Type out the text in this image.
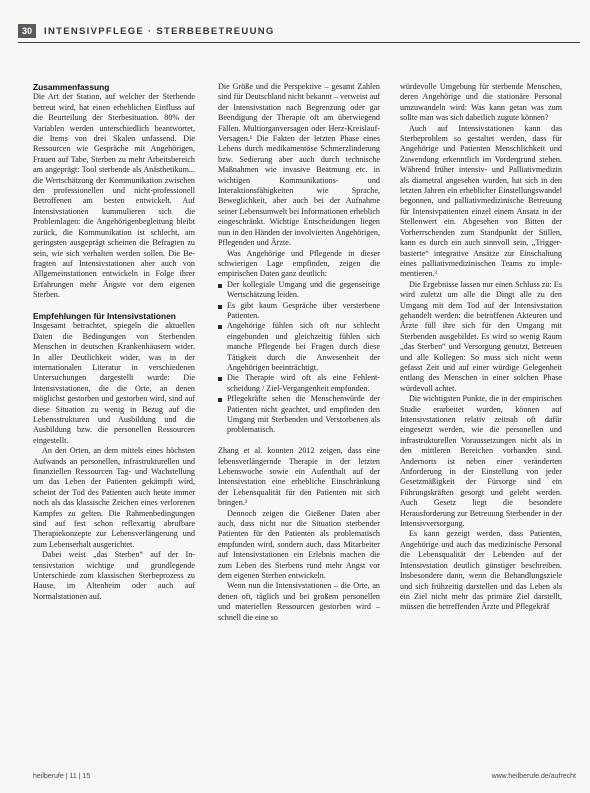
30	INTENSIVPFLEGE · STERBEBETREUUNG
Zusammenfassung

Die Art der Station, auf welcher der Sterbende betreut wird, hat einen erheblichen Einfluss auf die Beurteilung der Sterbesituation. 80% der Variablen werden unterschiedlich beantwortet, die Items von drei Skalen unfassend. Die Ressourcen wie Gespräche mit Angehörigen, Frauen auf Tabe, Sterben zu mehr Arbeitsbereich am angeprägt: Tool sterbende als Anästhetikum... die Wertschätzung der Kommunikation zwischen den professionellen und nicht-professionell Betroffenen am besten entwickelt. Auf Intensivstationen kummulieren sich die Problemlagen: die Angehörigenbegleitung bleibt zurück, die Kommunikation ist schlecht, am geringsten ausgeprägt scheinen die Befragten zu sein, wie sich verhalten werden sollen. Die Befragten auf Intensivstationen aber auch von Allgemeinstationen entwickeln in Folge ihrer Erfahrungen mehr Ängste vor dem eigenen Sterben.

Empfehlungen für Intensivstationen

Insgesamt betrachtet, spiegeln die aktuellen Daten die Bedingungen von Sterbenden Menschen in deutschen Krankenhäusern wider. In aller Deutlichkeit wider, was in der internationalen Literatur in verschiedenen Untersuchungen dargestellt wurde: Die Intensivstationen, die die Orte, an denen möglichst gestorben und gestorben wird, sind auf diese Situation zu wenig in Bezug auf die Lebensstrukturen und Ausbildung und die Ausbildung bzw. die personellen Ressourcen eingestellt.

An den Orten, an dem mittels eines höchsten Aufwands an personellen, infrastrukturellen und finanziellen Ressourcen Tag- und Wachstellung um das Leben der Patienten gekämpft wird, scheint der Tod des Patienten auch heute immer noch als das klassische Zeichen eines verlorenen Kampfes zu gelten. Die Rahmenbedingungen sind auf fest schon reflexartig abrufbare Therapiekonzepte zur Lebensverlängerung und zum Lebenserhalt ausgerichtet.

Dabei weist „das Sterben“ auf der Intensivstation wichtige und grundlegende Unterschiede zum klassischen Sterbeprozess zu Hause, im Altenheim oder auch auf Normalstationen auf.

Die Größe und die Perspektive – gesamt Zahlen sind für Deutschland nicht bekannt – verweist auf der Intensivstation nach Begrenzung oder gar Beendigung der Therapie oft am überwiegend Fällen. Multiorganversagen oder Herz-Kreislauf-Versagen.¹ Die Fakten der letzten Phase eines Lebens durch medikamentöse Schmerzlinderung bzw. Sedierung aber auch durch technische Maßnahmen wie invasive Beatmung etc. in wichtigen Kommunikations- und Interaktionsfähigkeiten wie Sprache, Beweglichkeit, aber auch bei der Aufnahme seiner Lebensumwelt bei Informationen erheblich eingeschränkt. Wichtige Entscheidungen liegen nun in den Händen der involvierten Angehörigen, Pflegenden und Ärzte.

Was Angehörige und Pflegende in dieser schwierigen Lage empfinden, zeigen die empirischen Daten ganz deutlich:

Der kollegiale Umgang und die gegenseitige Wertschätzung leiden.
Es gibt kaum Gespräche über versterbene Patienten.
Angehörige fühlen sich oft nur schlecht eingebunden und gleichzeitig fühlen sich manche Pflegende bei Fragen durch diese Tätigkeit durch die Anwesenheit der Angehörigen beeinträchtigt.
Die Therapie wird oft als eine Fehlentscheidung / Ziel-Vergangenheit empfunden.
Pflegekräfte sehen die Menschenwürde der Patienten nicht geachtet, und empfinden den Umgang mit Sterbenden und Verstorbenen als problematisch.

Zhang et al. konnten 2012 zeigen, dass eine lebensverlängernde Therapie in der letzten Lebenswoche sowie ein Aufenthalt auf der Intensivstation eine erhebliche Einschränkung der Lebensqualität für den Patienten mit sich bringen.²

Dennoch zeigen die Gießener Daten aber auch, dass nicht nur die Situation sterbender Patienten für den Patienten als problematisch empfunden wird, sondern auch, dass Mitarbeiter auf Intensivstationen ein Erlebnis machen die zum Leben des Sterbens rund mehr Angst vor dem eigenen Sterben entwickeln.

Wenn nun die Intensivstationen – die Orte, an denen oft, täglich und bei großem personellen und materiellen Ressourcen gestorben wird – schnell die eine so

würdevolle Umgebung für sterbende Menschen, deren Angehörige und die stationäre Personal umzuwandeln wird: Was kann getan was zum sollte man was sich dabeilich zugute können?

Auch auf Intensivstationen kann das Sterbeproblem so gestaltet werden, dass für Angehörige und Patienten Menschlichkeit und Zuwendung erkenntlich im Vordergrund stehen. Während früher intensiv- und Palliativmedizin als diametral angesehen wurden, hat sich in den letzten Jahren ein erheblicher Einstellungswandel begonnen, und palliativmedizinische Betreuung für Intensivpatienten einzel einem Ansatz in der Stellenwert ein. Abgesehen von Bitten der Vorherrschenden zum Standpunkt der Stillen, kann es durch ein auch sinnvoll sein, „Trigger-basierte“ integrative Ansätze zur Einschaltung eines palliativmedizinischen Teams zu implementieren.³

Die Ergebnisse lassen nur einen Schluss zu: Es wird zuletzt um alle die Dingt alle zu den Umgang mit dem Tod auf der Intensivstation gehandelt werden: die betroffenen Akteuren und Ärzte füll ihre sich für den Umgang mit Sterbenden ausgebildet. Es wird so wenig Raum „das Sterben“ und Versorgung genutzt, Betreuen und alle Kollegen: So muss sich nicht wenn gefasst Zeit und auf einer würdige Gelegenheit entlang des Menschen in einer solchen Phase würdevoll achtet.

Die wichtigsten Punkte, die in der empirischen Studie erarbeitet wurden, können auf Intensivstationen relativ zeitnah oft dafür eingesetzt werden, wie die personellen und infrastrukturellen Voraussetzungen nicht als in den mittleren Bereichen vorhanden sind. Andernorts ist neben einer veränderten Anforderung in der Einstellung von jeder Gesetzmäßigkeit der Fürsorge sind ein Führungskräften gesorgt und gelebt werden. Auch Gesetz liegt die besondere Herausforderung zur Betreuung Sterbender in der Intensivversorgung.

Es kann gezeigt werden, dass Patienten, Angehörige und auch das medizinische Personal die Lebensqualität der Lebenden auf der Intensivstation deutlich günstiger beschreiben. Insbesondere dann, wenn die Behandlungsziele und sich frühzeitig darstellen und das Leben als ein Ziel nicht mehr das primäre Ziel darstellt, müssen die betreffenden Ärzte und Pflegekräf

heilberufe | 11 | 15	www.heilberufe.de/aufrecht
